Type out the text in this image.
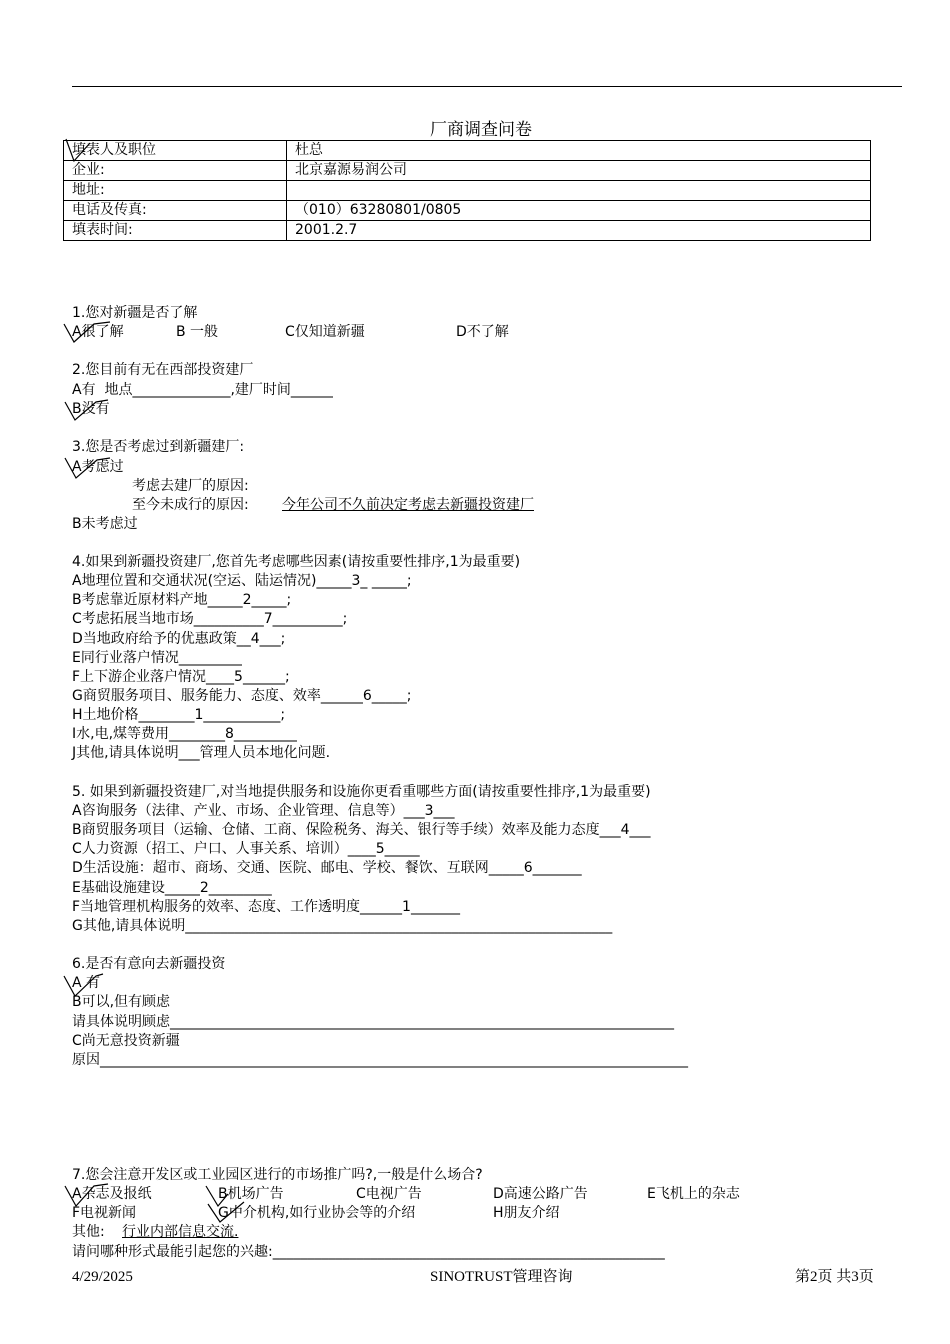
厂商调查问卷
填表人及职位	杜总
企业:	北京嘉源易润公司
地址:	
电话及传真:	（010）63280801/0805
填表时间:	2001.2.7
1.您对新疆是否了解
A很了解	B 一般	C仅知道新疆	D不了解
2.您目前有无在西部投资建厂
A有  地点______________,建厂时间______
B没有
3.您是否考虑过到新疆建厂:
A考虑过
考虑去建厂的原因:
至今未成行的原因: 今年公司不久前决定考虑去新疆投资建厂
B未考虑过
4.如果到新疆投资建厂,您首先考虑哪些因素(请按重要性排序,1为最重要)
A地理位置和交通状况(空运、陆运情况)_____3_ _____;
B考虑靠近原材料产地_____2_____;
C考虑拓展当地市场__________7__________;
D当地政府给予的优惠政策__4___;
E同行业落户情况_________
F上下游企业落户情况____5______;
G商贸服务项目、服务能力、态度、效率______6_____;
H土地价格________1___________;
I水,电,煤等费用________8_________
J其他,请具体说明___管理人员本地化问题.
5. 如果到新疆投资建厂,对当地提供服务和设施你更看重哪些方面(请按重要性排序,1为最重要)
A咨询服务（法律、产业、市场、企业管理、信息等）___3___
B商贸服务项目（运输、仓储、工商、保险税务、海关、银行等手续）效率及能力态度___4___
C人力资源（招工、户口、人事关系、培训）____5_____
D生活设施：超市、商场、交通、医院、邮电、学校、餐饮、互联网_____6_______
E基础设施建设_____2_________
F当地管理机构服务的效率、态度、工作透明度______1_______
G其他,请具体说明_____________________________________________________________
6.是否有意向去新疆投资
A 有
B可以,但有顾虑
请具体说明顾虑________________________________________________________________________
C尚无意投资新疆
原因____________________________________________________________________________________
7.您会注意开发区或工业园区进行的市场推广吗?,一般是什么场合?
A杂志及报纸	B机场广告	C电视广告	D高速公路广告	E飞机上的杂志
F电视新闻	G中介机构,如行业协会等的介绍	H朋友介绍
其他: 行业内部信息交流.
请问哪种形式最能引起您的兴趣:________________________________________________________
4/29/2025	SINOTRUST管理咨询	第2页 共3页
